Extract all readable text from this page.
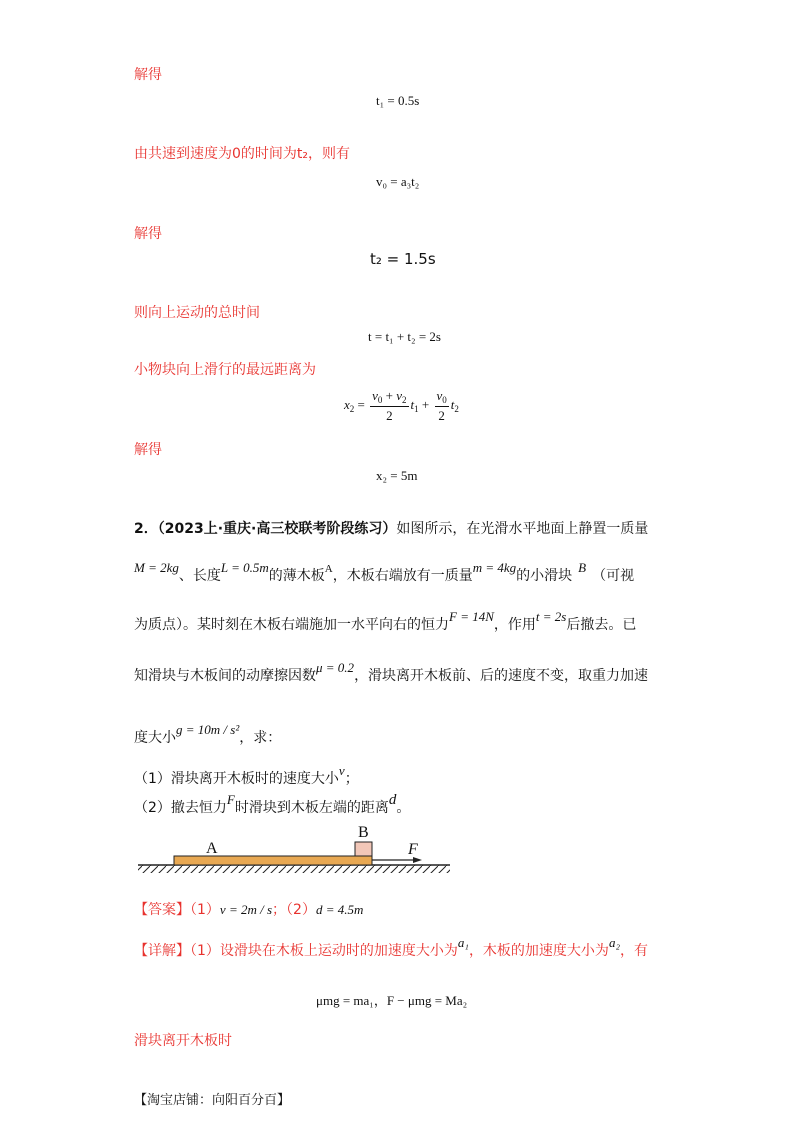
解得
t₁ = 0.5s
由共速到速度为0的时间为t₂，则有
v₀ = a₃t₂
解得
t₂ = 1.5s
则向上运动的总时间
t = t₁ + t₂ = 2s
小物块向上滑行的最远距离为
$x_2 = \frac{v_0 + v_2}{2} t_1 + \frac{v_0}{2} t_2$
解得
x₂ = 5m
2．（2023上·重庆·高三校联考阶段练习）如图所示，在光滑水平地面上静置一质量
M = 2kg、长度L = 0.5m的薄木板$^A$，木板右端放有一质量m = 4kg的小滑块B（可视
为质点）。某时刻在木板右端施加一水平向右的恒力F = 14N，作用t = 2s后撤去。已
知滑块与木板间的动摩擦因数μ = 0.2，滑块离开木板前、后的速度不变，取重力加速
度大小g = 10m / s²，求：
（1）滑块离开木板时的速度大小v；
（2）撤去恒力F时滑块到木板左端的距离d。
A
B
F
【答案】（1）v = 2m / s；（2）d = 4.5m
【详解】（1）设滑块在木板上运动时的加速度大小为a₁，木板的加速度大小为a₂，有
μmg = ma₁，F − μmg = Ma₂
滑块离开木板时
【淘宝店铺：向阳百分百】
